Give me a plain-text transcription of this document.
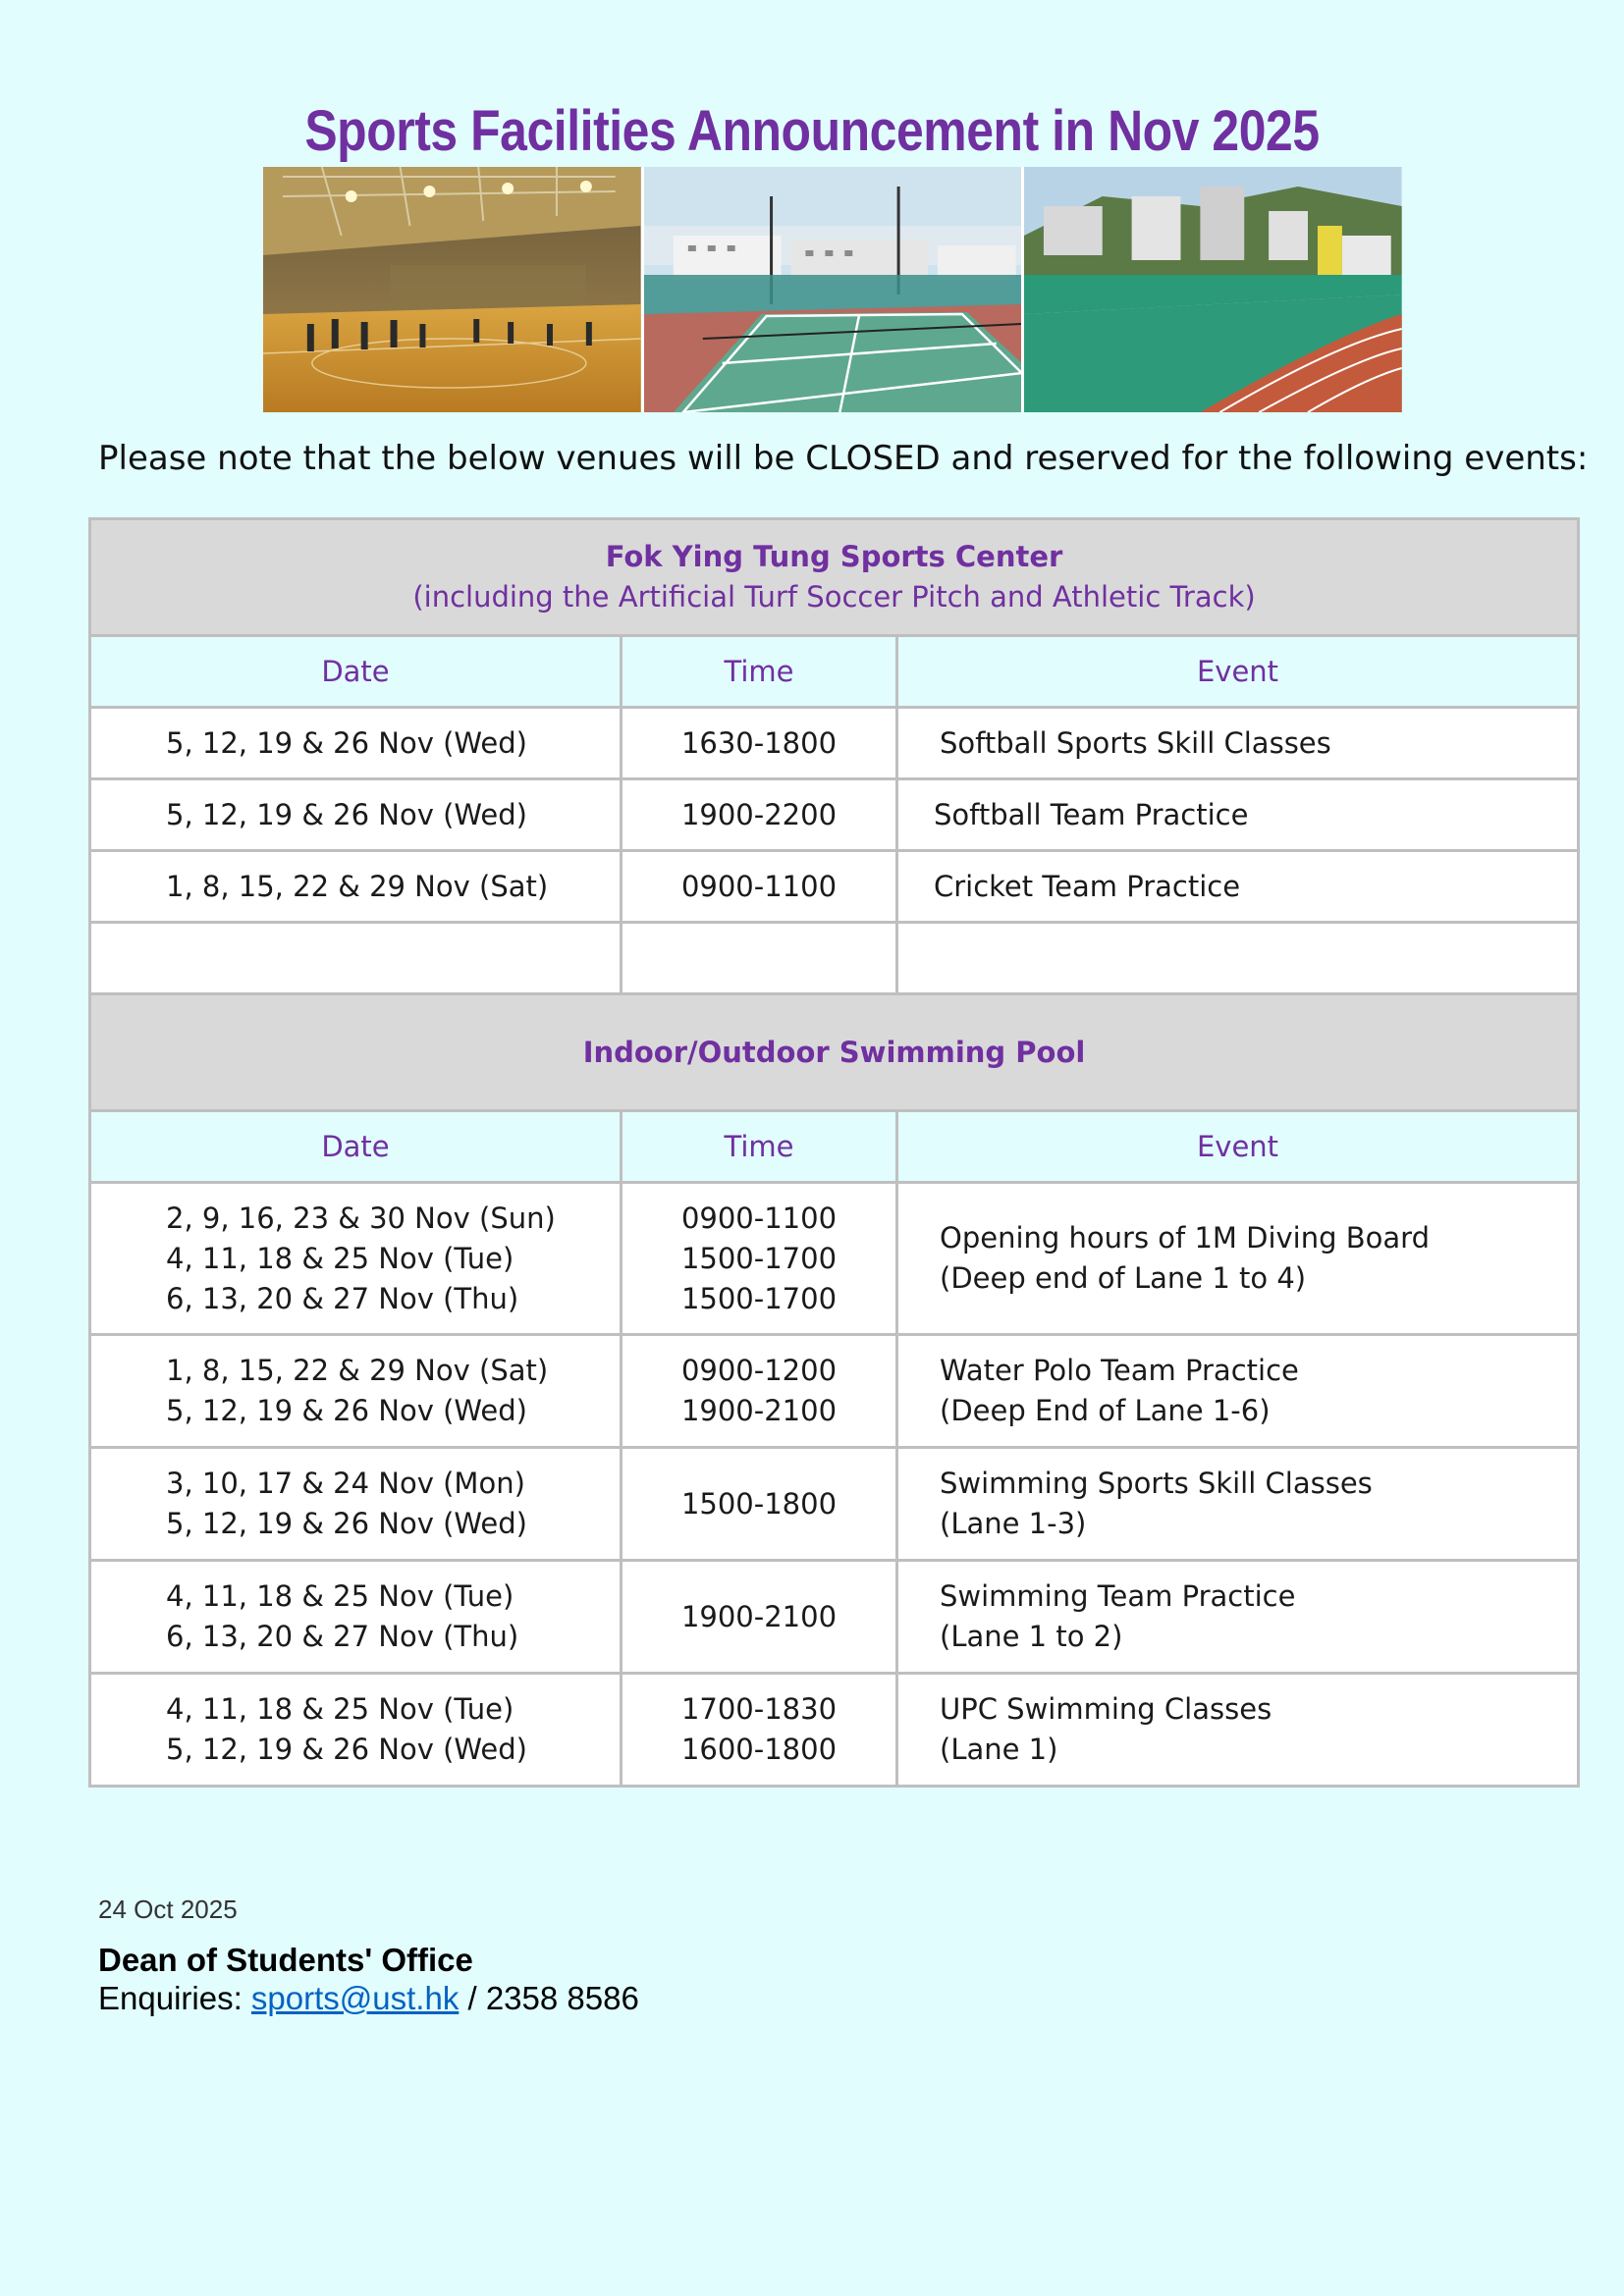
Sports Facilities Announcement in Nov 2025
Please note that the below venues will be CLOSED and reserved for the following events:
Fok Ying Tung Sports Center
(including the Artificial Turf Soccer Pitch and Athletic Track)		

Date	Time	Event

5, 12, 19 & 26 Nov (Wed)	1630-1800	Softball Sports Skill Classes

5, 12, 19 & 26 Nov (Wed)	1900-2200	Softball Team Practice

1, 8, 15, 22 & 29 Nov (Sat)	0900-1100	Cricket Team Practice

Indoor/Outdoor Swimming Pool		

Date	Time	Event

2, 9, 16, 23 & 30 Nov (Sun)
4, 11, 18 & 25 Nov (Tue)
6, 13, 20 & 27 Nov (Thu)	0900-1100
1500-1700
1500-1700	Opening hours of 1M Diving Board
(Deep end of Lane 1 to 4)

1, 8, 15, 22 & 29 Nov (Sat)
5, 12, 19 & 26 Nov (Wed)	0900-1200
1900-2100	Water Polo Team Practice
(Deep End of Lane 1-6)

3, 10, 17 & 24 Nov (Mon)
5, 12, 19 & 26 Nov (Wed)	1500-1800	Swimming Sports Skill Classes
(Lane 1-3)

4, 11, 18 & 25 Nov (Tue)
6, 13, 20 & 27 Nov (Thu)	1900-2100	Swimming Team Practice
(Lane 1 to 2)

4, 11, 18 & 25 Nov (Tue)
5, 12, 19 & 26 Nov (Wed)	1700-1830
1600-1800	UPC Swimming Classes
(Lane 1)
24 Oct 2025
Dean of Students' Office
Enquiries: sports@ust.hk / 2358 8586
